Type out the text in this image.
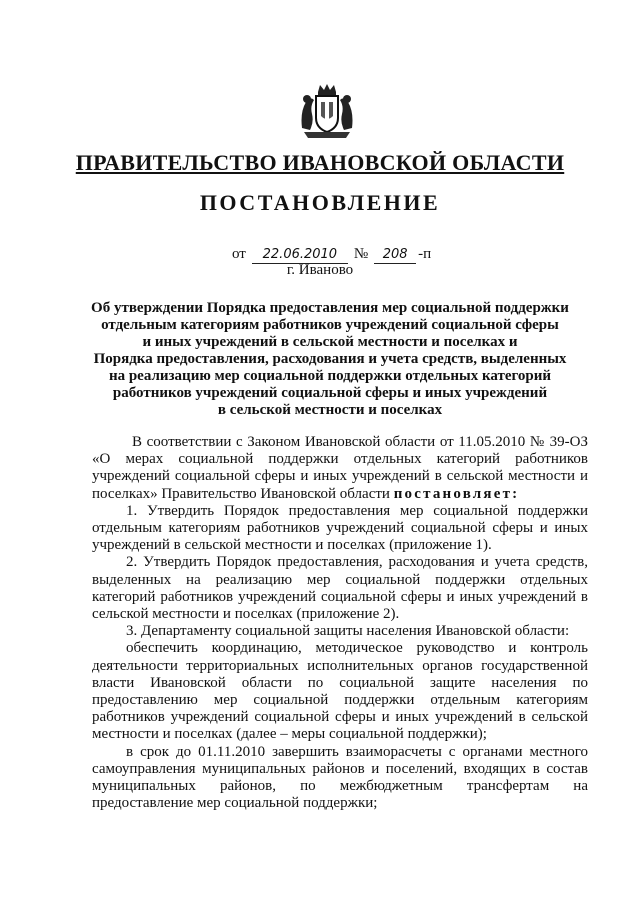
ПРАВИТЕЛЬСТВО ИВАНОВСКОЙ ОБЛАСТИ
ПОСТАНОВЛЕНИЕ
от 22.06.2010 № 208 -п
г. Иваново
Об утверждении Порядка предоставления мер социальной поддержки
отдельным категориям работников учреждений социальной сферы
и иных учреждений в сельской местности и поселках и
Порядка предоставления, расходования и учета средств, выделенных
на реализацию мер социальной поддержки отдельных категорий
работников учреждений социальной сферы и иных учреждений
в сельской местности и поселках

В соответствии с Законом Ивановской области от 11.05.2010 № 39-ОЗ «О мерах социальной поддержки отдельных категорий работников учреждений социальной сферы и иных учреждений в сельской местности и поселках» Правительство Ивановской области постановляет:

1. Утвердить Порядок предоставления мер социальной поддержки отдельным категориям работников учреждений социальной сферы и иных учреждений в сельской местности и поселках (приложение 1).

2. Утвердить Порядок предоставления, расходования и учета средств, выделенных на реализацию мер социальной поддержки отдельных категорий работников учреждений социальной сферы и иных учреждений в сельской местности и поселках (приложение 2).

3. Департаменту социальной защиты населения Ивановской области:

обеспечить координацию, методическое руководство и контроль деятельности территориальных исполнительных органов государственной власти Ивановской области по социальной защите населения по предоставлению мер социальной поддержки отдельным категориям работников учреждений социальной сферы и иных учреждений в сельской местности и поселках (далее – меры социальной поддержки);

в срок до 01.11.2010 завершить взаиморасчеты с органами местного самоуправления муниципальных районов и поселений, входящих в состав муниципальных районов, по межбюджетным трансфертам на предоставление мер социальной поддержки;
